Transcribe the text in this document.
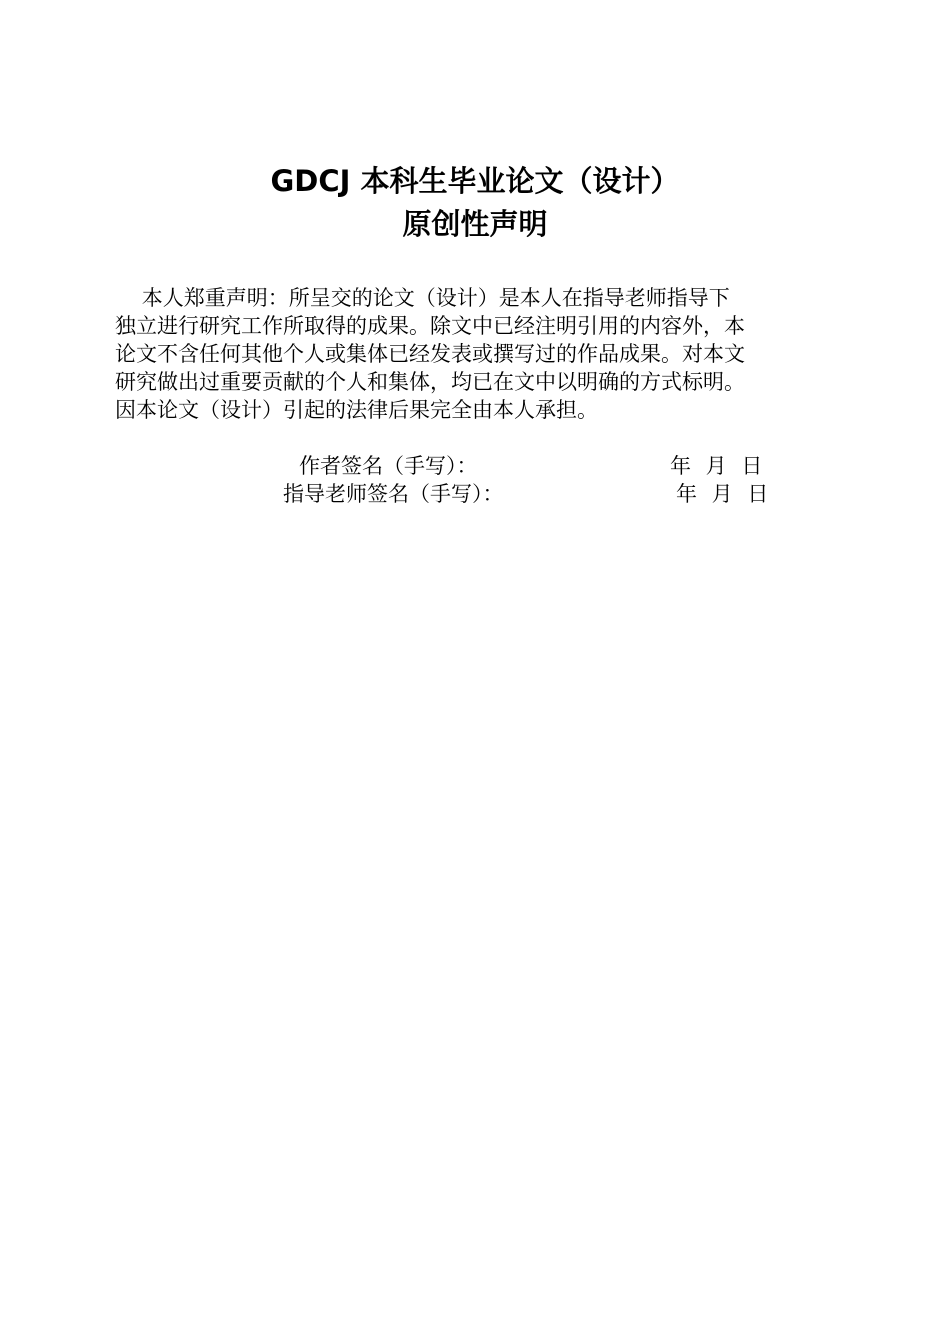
GDCJ 本科生毕业论文（设计）
原创性声明
本人郑重声明：所呈交的论文（设计）是本人在指导老师指导下
独立进行研究工作所取得的成果。除文中已经注明引用的内容外，本
论文不含任何其他个人或集体已经发表或撰写过的作品成果。对本文
研究做出过重要贡献的个人和集体，均已在文中以明确的方式标明。
因本论文（设计）引起的法律后果完全由本人承担。
作者签名（手写）：	年 月 日
指导老师签名（手写）：	年 月 日
